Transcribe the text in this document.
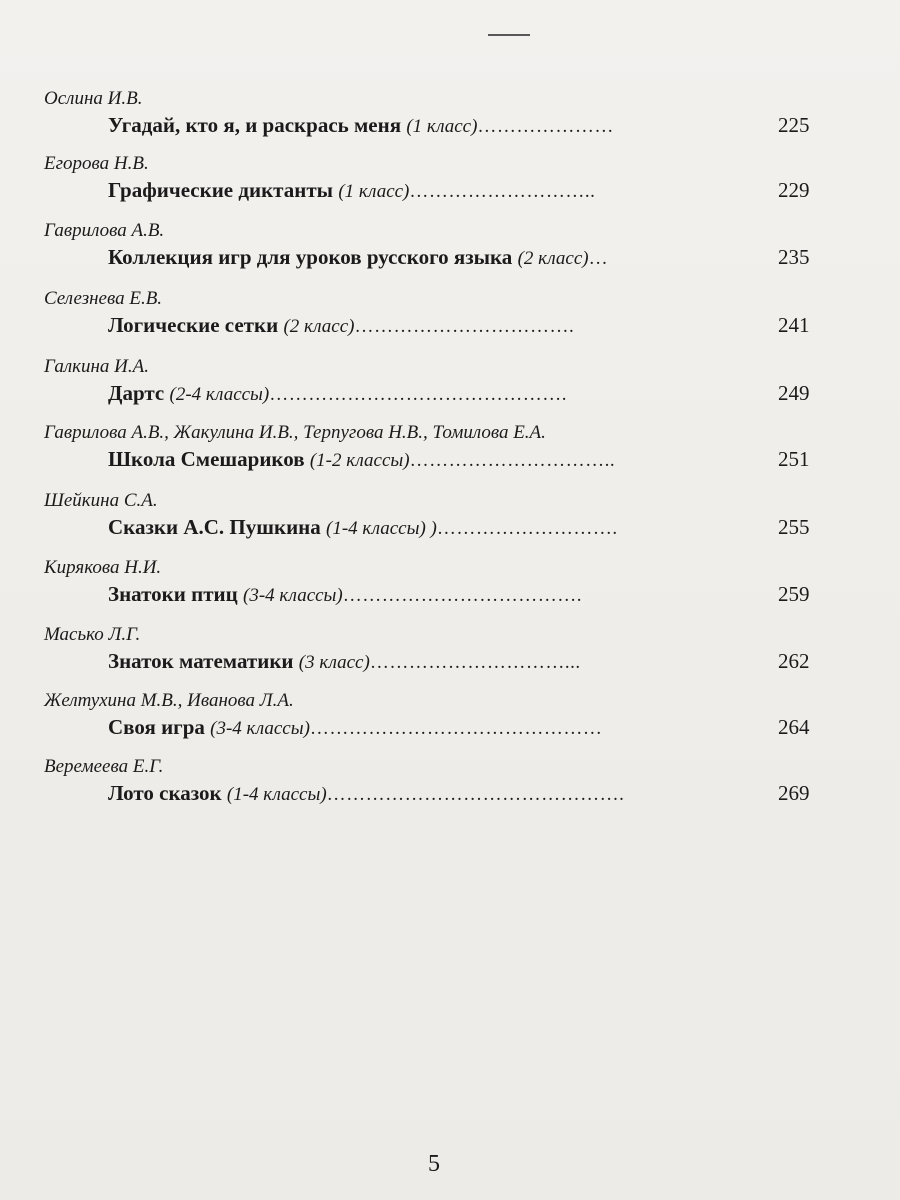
Ослина И.В.
Угадай, кто я, и раскрась меня (1 класс)…………………	225
Егорова Н.В.
Графические диктанты (1 класс)………………………..	229
Гаврилова А.В.
Коллекция игр для уроков русского языка (2 класс)…	235
Селезнева Е.В.
Логические сетки (2 класс)…………………………….	241
Галкина И.А.
Дартс (2-4 классы)……………………………………….	249
Гаврилова А.В., Жакулина И.В., Терпугова Н.В., Томилова Е.А.
Школа Смешариков (1-2 классы)…………………………..	251
Шейкина С.А.
Сказки А.С. Пушкина (1-4 классы) )……………………….	255
Кирякова Н.И.
Знатоки птиц (3-4 классы)……………………………….	259
Масько Л.Г.
Знаток математики (3 класс)…………………………...	262
Желтухина М.В., Иванова Л.А.
Своя игра (3-4 классы)………………………………………	264
Веремеева Е.Г.
Лото сказок (1-4 классы)……………………………………….	269
5
